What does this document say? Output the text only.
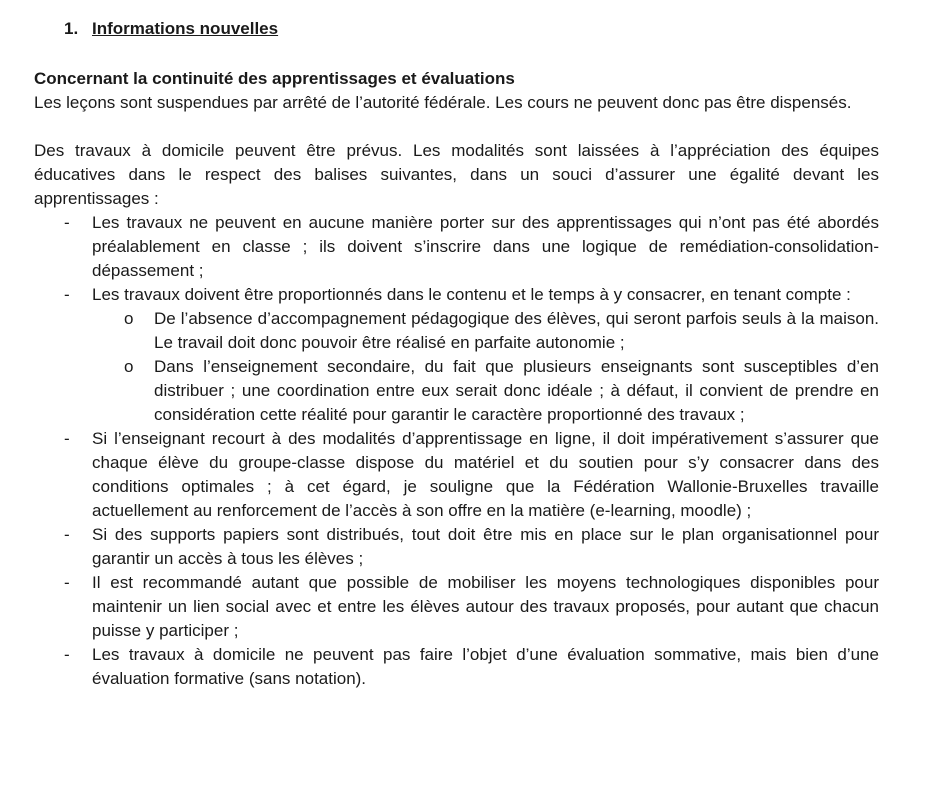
1. Informations nouvelles

Concernant la continuité des apprentissages et évaluations

Les leçons sont suspendues par arrêté de l’autorité fédérale. Les cours ne peuvent donc pas être dispensés.

Des travaux à domicile peuvent être prévus. Les modalités sont laissées à l’appréciation des équipes éducatives dans le respect des balises suivantes, dans un souci d’assurer une égalité devant les apprentissages :

- Les travaux ne peuvent en aucune manière porter sur des apprentissages qui n’ont pas été abordés préalablement en classe ; ils doivent s’inscrire dans une logique de remédiation-consolidation-dépassement ;
- Les travaux doivent être proportionnés dans le contenu et le temps à y consacrer, en tenant compte :
o De l’absence d’accompagnement pédagogique des élèves, qui seront parfois seuls à la maison. Le travail doit donc pouvoir être réalisé en parfaite autonomie ;
o Dans l’enseignement secondaire, du fait que plusieurs enseignants sont susceptibles d’en distribuer ; une coordination entre eux serait donc idéale ; à défaut, il convient de prendre en considération cette réalité pour garantir le caractère proportionné des travaux ;
- Si l’enseignant recourt à des modalités d’apprentissage en ligne, il doit impérativement s’assurer que chaque élève du groupe-classe dispose du matériel et du soutien pour s’y consacrer dans des conditions optimales ; à cet égard, je souligne que la Fédération Wallonie-Bruxelles travaille actuellement au renforcement de l’accès à son offre en la matière (e-learning, moodle) ;
- Si des supports papiers sont distribués, tout doit être mis en place sur le plan organisationnel pour garantir un accès à tous les élèves ;
- Il est recommandé autant que possible de mobiliser les moyens technologiques disponibles pour maintenir un lien social avec et entre les élèves autour des travaux proposés, pour autant que chacun puisse y participer ;
- Les travaux à domicile ne peuvent pas faire l’objet d’une évaluation sommative, mais bien d’une évaluation formative (sans notation).
